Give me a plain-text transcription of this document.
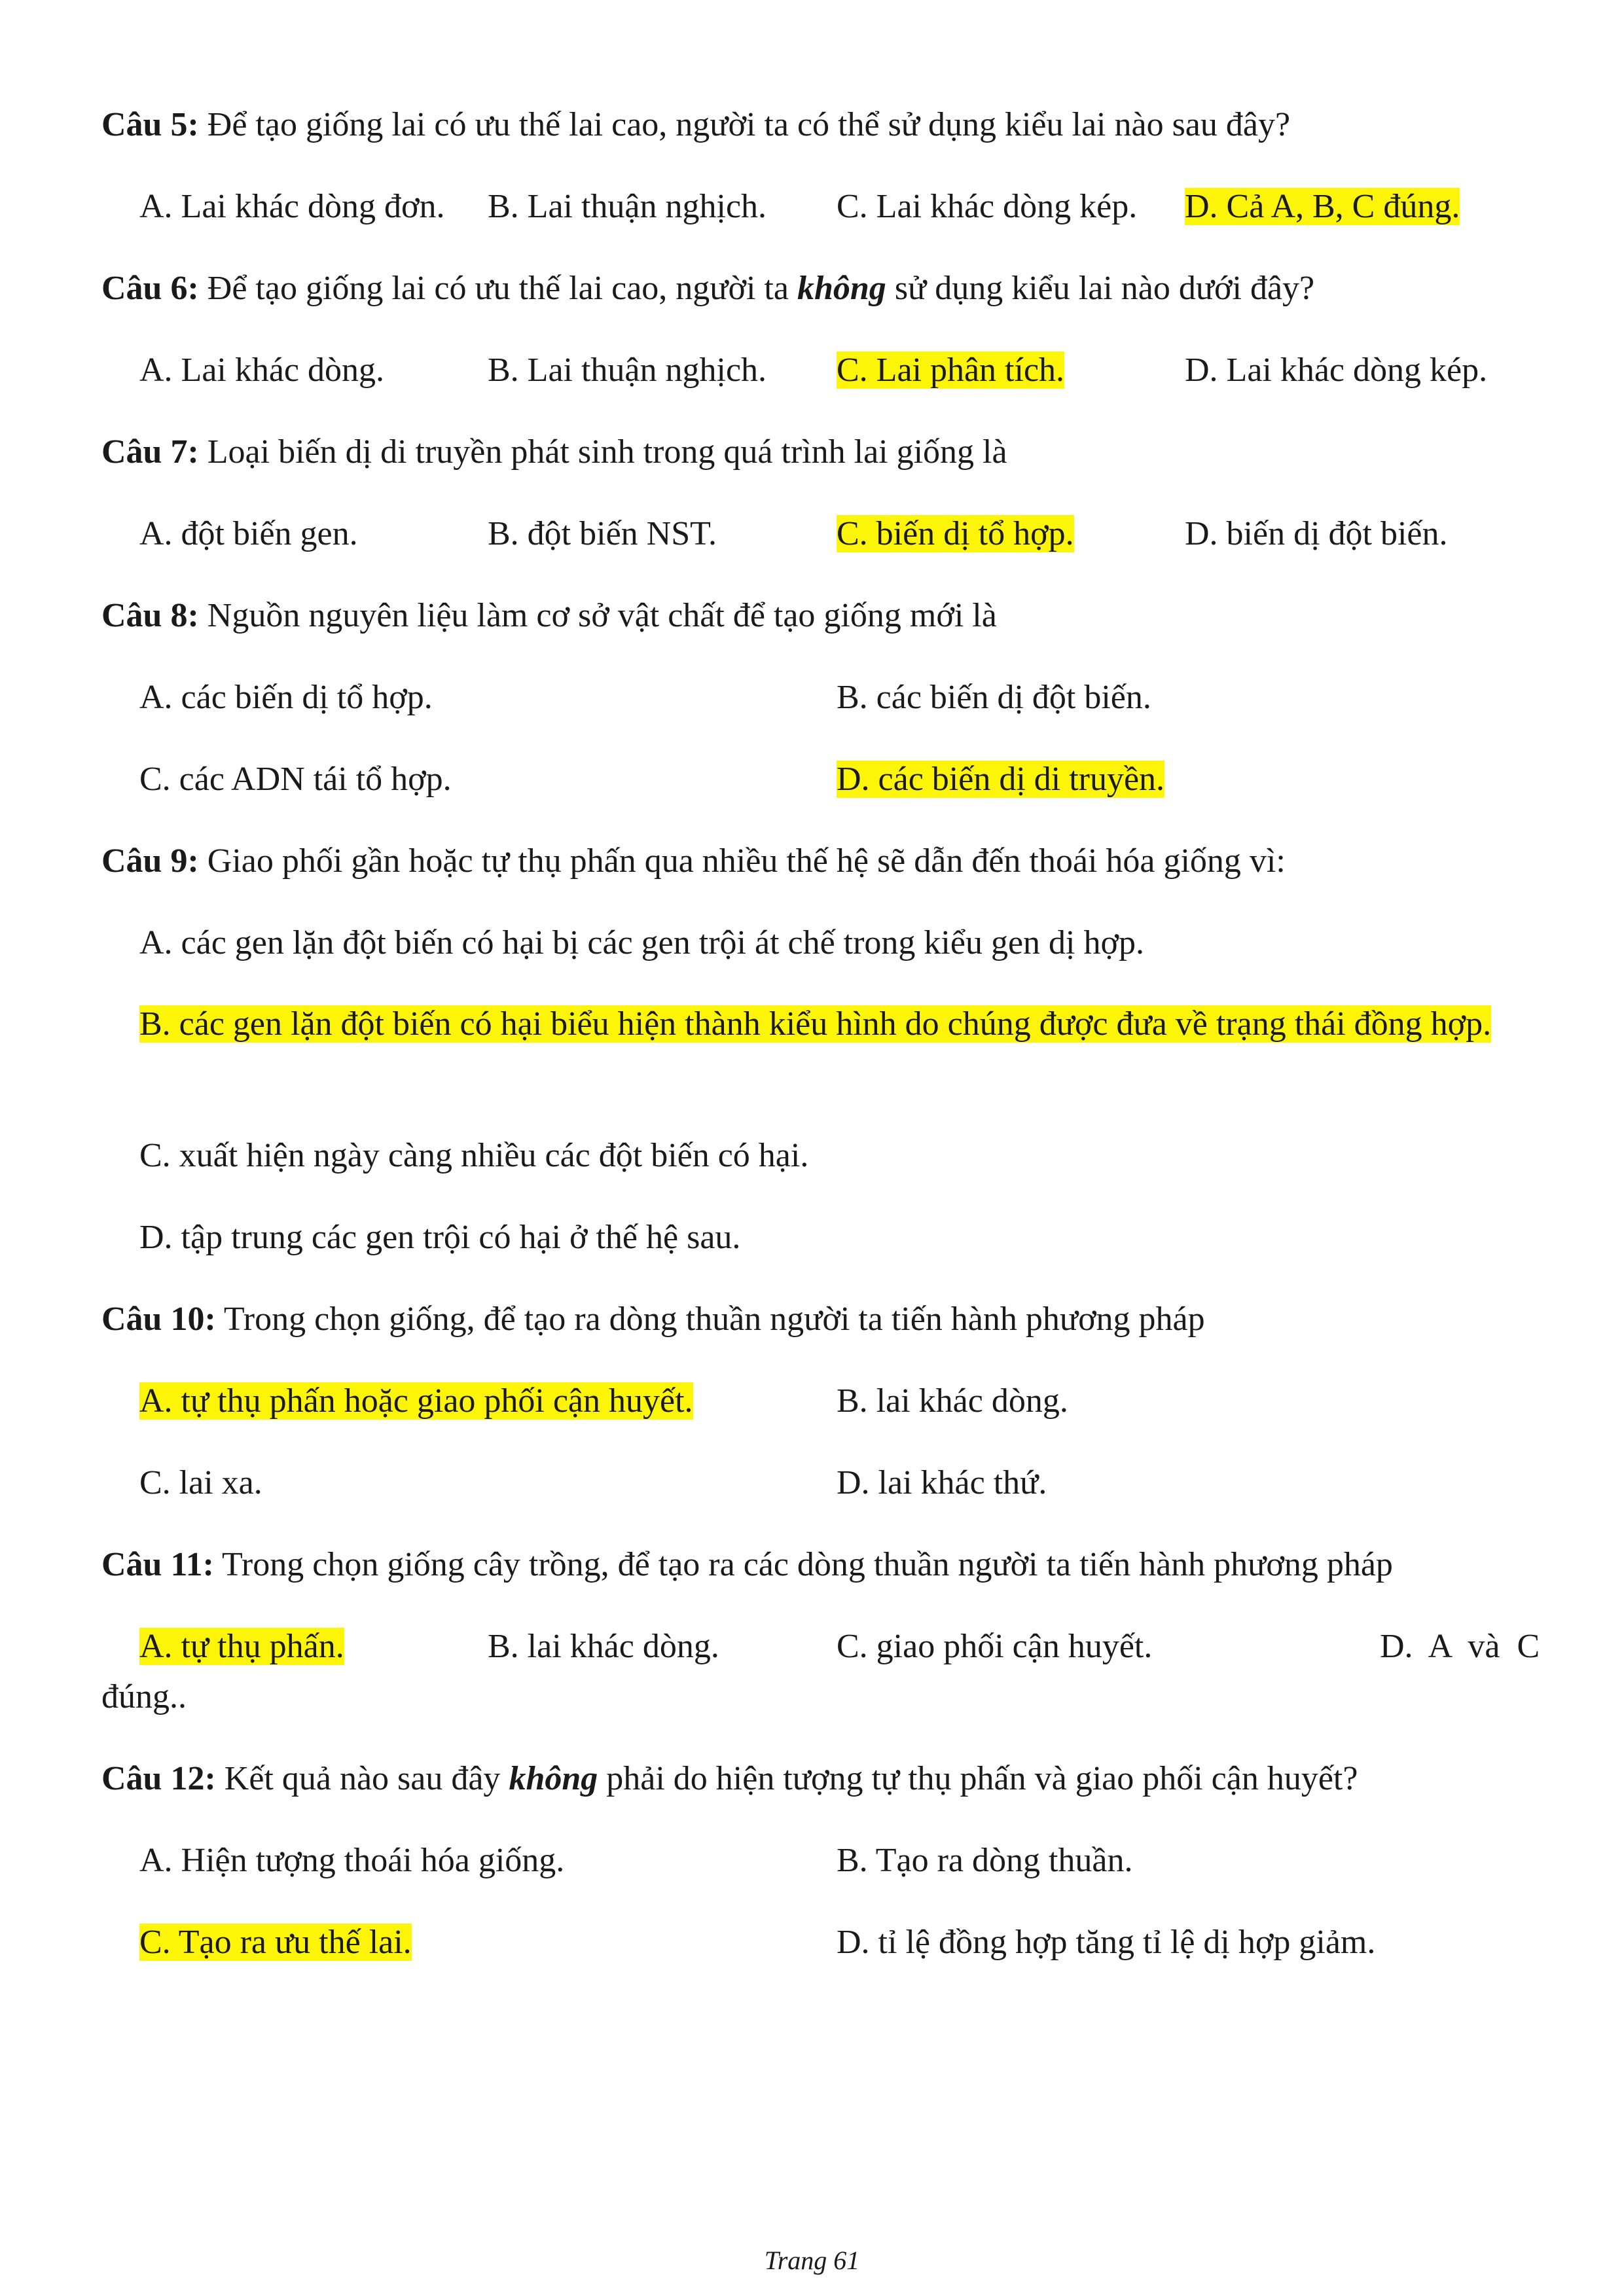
Câu 5: Để tạo giống lai có ưu thế lai cao, người ta có thể sử dụng kiểu lai nào sau đây?
A. Lai khác dòng đơn. B. Lai thuận nghịch. C. Lai khác dòng kép. D. Cả A, B, C đúng.
Câu 6: Để tạo giống lai có ưu thế lai cao, người ta không sử dụng kiểu lai nào dưới đây?
A. Lai khác dòng.	B. Lai thuận nghịch. C. Lai phân tích.	D. Lai khác dòng kép.
Câu 7: Loại biến dị di truyền phát sinh trong quá trình lai giống là
A. đột biến gen.	B. đột biến NST.	C. biến dị tổ hợp.	D. biến dị đột biến.
Câu 8: Nguồn nguyên liệu làm cơ sở vật chất để tạo giống mới là
A. các biến dị tổ hợp.	B. các biến dị đột biến.
C. các ADN tái tổ hợp.	D. các biến dị di truyền.
Câu 9: Giao phối gần hoặc tự thụ phấn qua nhiều thế hệ sẽ dẫn đến thoái hóa giống vì:
A. các gen lặn đột biến có hại bị các gen trội át chế trong kiểu gen dị hợp.
B. các gen lặn đột biến có hại biểu hiện thành kiểu hình do chúng được đưa về trạng thái đồng hợp.
C. xuất hiện ngày càng nhiều các đột biến có hại.
D. tập trung các gen trội có hại ở thế hệ sau.
Câu 10: Trong chọn giống, để tạo ra dòng thuần người ta tiến hành phương pháp
A. tự thụ phấn hoặc giao phối cận huyết.	B. lai khác dòng.
C. lai xa.	D. lai khác thứ.
Câu 11: Trong chọn giống cây trồng, để tạo ra các dòng thuần người ta tiến hành phương pháp
A. tự thụ phấn.	B. lai khác dòng.	C. giao phối cận huyết.	D.  A  và  C
đúng..
Câu 12: Kết quả nào sau đây không phải do hiện tượng tự thụ phấn và giao phối cận huyết?
A. Hiện tượng thoái hóa giống.	B. Tạo ra dòng thuần.
C. Tạo ra ưu thế lai.	D. tỉ lệ đồng hợp tăng tỉ lệ dị hợp giảm.
Trang 61
